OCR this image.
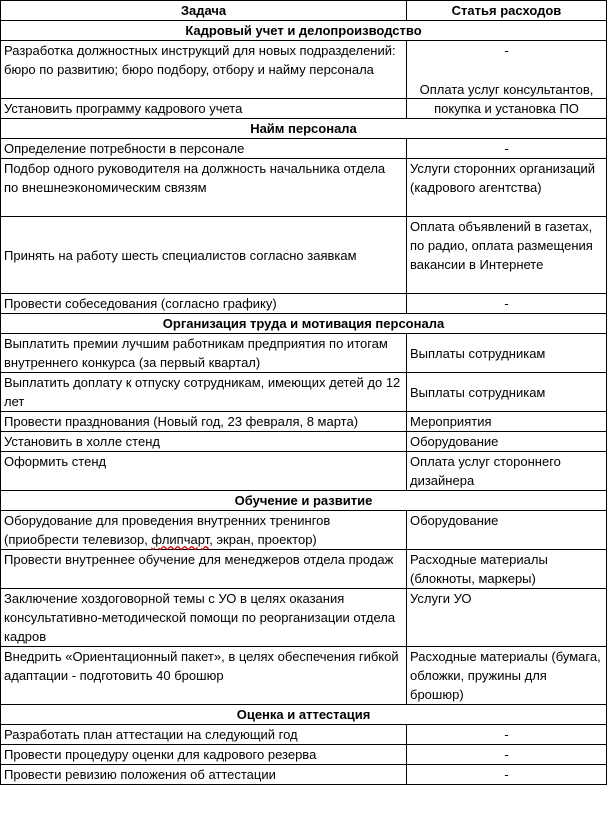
Задача	Статья расходов
Кадровый учет и делопроизводство	
Разработка должностных инструкций для новых подразделений: бюро по развитию; бюро подбору, отбору и найму персонала	-
Установить программу кадрового учета	Оплата услуг консультантов, покупка и установка ПО

Найм персонала	
Определение потребности в персонале	-
Подбор одного руководителя на должность начальника отдела по внешнеэкономическим связям	Услуги сторонних организаций (кадрового агентства)
Принять на работу шесть специалистов согласно заявкам	Оплата объявлений в газетах, по радио, оплата размещения вакансии в Интернете
Провести собеседования (согласно графику)	-
Организация труда и мотивация персонала	
Выплатить премии лучшим работникам предприятия по итогам внутреннего конкурса (за первый квартал)	Выплаты сотрудникам
Выплатить доплату к отпуску сотрудникам, имеющих детей до 12 лет	Выплаты сотрудникам
Провести празднования (Новый год, 23 февраля, 8 марта)	Мероприятия
Установить в холле стенд	Оборудование
Оформить стенд	Оплата услуг стороннего дизайнера
Обучение и развитие	
Оборудование для проведения внутренних тренингов (приобрести телевизор, флипчарт, экран, проектор)	Оборудование
Провести внутреннее обучение для менеджеров отдела продаж	Расходные материалы (блокноты, маркеры)
Заключение хоздоговорной темы с УО в целях оказания консультативно-методической помощи по реорганизации отдела кадров	Услуги УО
Внедрить «Ориентационный пакет», в целях обеспечения гибкой адаптации - подготовить 40 брошюр	Расходные материалы (бумага, обложки, пружины для брошюр)
Оценка и аттестация	
Разработать план аттестации на следующий год	-
Провести процедуру оценки для кадрового резерва	-
Провести ревизию положения об аттестации	-
